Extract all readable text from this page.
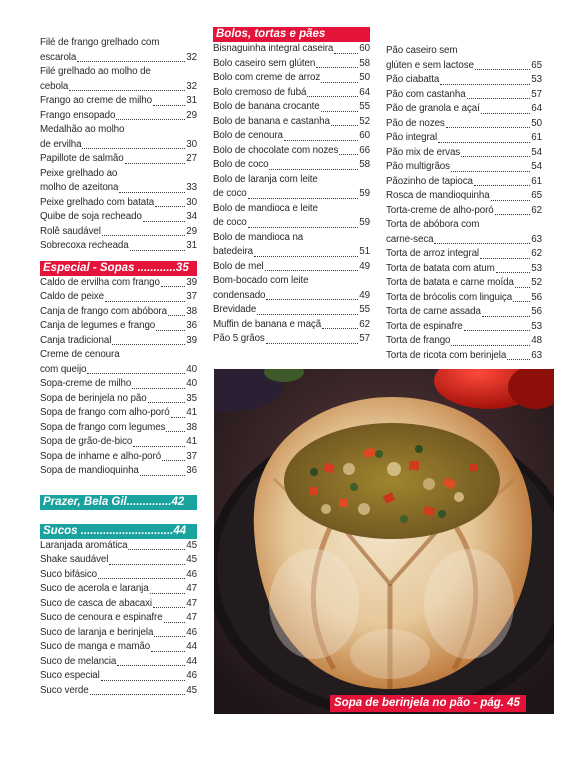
Filé de frango grelhado com
escarola	32
Filé grelhado ao molho de
cebola	32
Frango ao creme de milho	31
Frango ensopado	29
Medalhão ao molho
de ervilha	30
Papillote de salmão	27
Peixe grelhado ao
molho de azeitona	33
Peixe grelhado com batata	30
Quibe de soja recheado	34
Rolê saudável	29
Sobrecoxa recheada	31
Especial - Sopas ............35
Caldo de ervilha com frango	39
Caldo de peixe	37
Canja de frango com abóbora 38
Canja de legumes e frango	36
Canja tradicional	39
Creme de cenoura
com queijo	40
Sopa-creme de milho	40
Sopa de berinjela no pão	35
Sopa de frango com alho-poró 41
Sopa de frango com legumes 38
Sopa de grão-de-bico	41
Sopa de inhame e alho-poró	37
Sopa de mandioquinha	36
Prazer, Bela Gil..............42
Sucos .............................44
Laranjada aromática	45
Shake saudável	45
Suco bifásico	46
Suco de acerola e laranja	47
Suco de casca de abacaxi	47
Suco de cenoura e espinafre 47
Suco de laranja e berinjela	46
Suco de manga e mamão	44
Suco de melancia	44
Suco especial	46
Suco verde	45
Bolos, tortas e pães
Bisnaguinha integral caseira	60
Bolo caseiro sem glúten	58
Bolo com creme de arroz	50
Bolo cremoso de fubá	64
Bolo de banana crocante	55
Bolo de banana e castanha	52
Bolo de cenoura	60
Bolo de chocolate com nozes 66
Bolo de coco	58
Bolo de laranja com leite
de coco	59
Bolo de mandioca e leite
de coco	59
Bolo de mandioca na
batedeira	51
Bolo de mel	49
Bom-bocado com leite
condensado	49
Brevidade	55
Muffin de banana e maçã	62
Pão 5 grãos	57
Pão caseiro sem
glúten e sem lactose	65
Pão ciabatta	53
Pão com castanha	57
Pão de granola e açaí	64
Pão de nozes	50
Pão integral	61
Pão mix de ervas	54
Pão multigrãos	54
Pãozinho de tapioca	61
Rosca de mandioquinha	65
Torta-creme de alho-poró	62
Torta de abóbora com
carne-seca	63
Torta de arroz integral	62
Torta de batata com atum	53
Torta de batata e carne moída 52
Torta de brócolis com linguiça 56
Torta de carne assada	56
Torta de espinafre	53
Torta de frango	48
Torta de ricota com berinjela	63
Sopa de berinjela no pão - pág. 45
